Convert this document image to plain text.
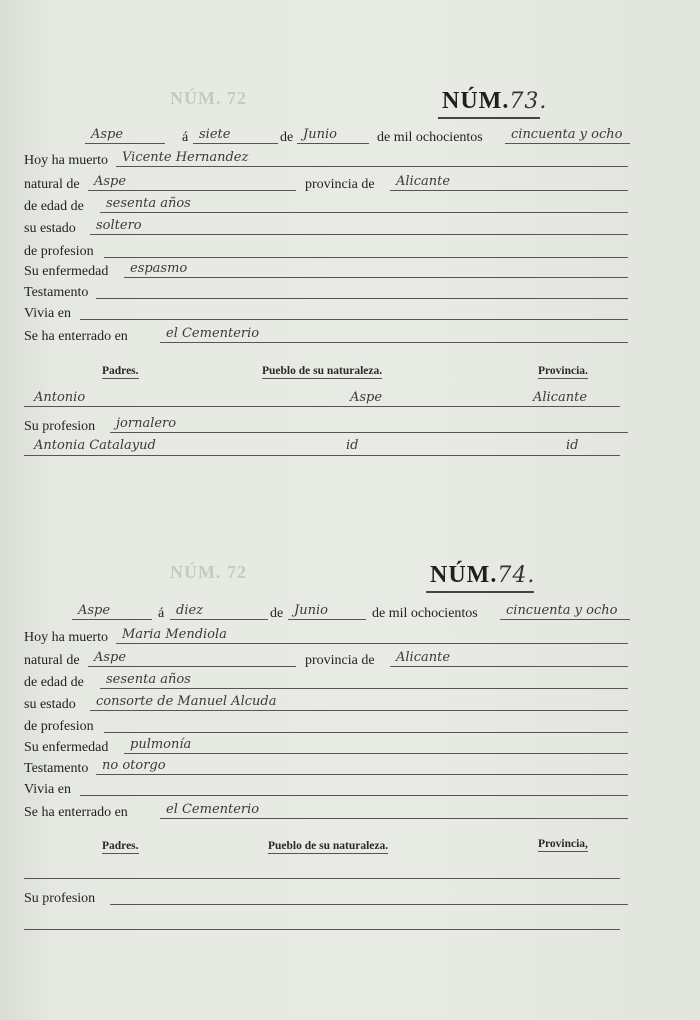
NÚM. 72
NÚM. 72
NÚM.73.
Aspe	á siete	de Junio	de mil ochocientos cincuenta y ocho
Hoy ha muerto Vicente Hernandez
natural de Aspe	provincia de Alicante
de edad de sesenta años
su estado soltero
de profesion
Su enfermedad espasmo
Testamento
Vivia en
Se ha enterrado en	el Cementerio
Padres.	Pueblo de su naturaleza.	Provincia.
Antonio	Aspe	Alicante
Su profesion jornalero
Antonia Catalayud	id	id
NÚM.74.
Aspe	á diez	de Junio	de mil ochocientos cincuenta y ocho
Hoy ha muerto Maria Mendiola
natural de Aspe	provincia de Alicante
de edad de sesenta años
su estado consorte de Manuel Alcuda
de profesion
Su enfermedad pulmonía
Testamento no otorgo
Vivia en
Se ha enterrado en	el Cementerio
Padres.	Pueblo de su naturaleza.	Provincia,
Su profesion
